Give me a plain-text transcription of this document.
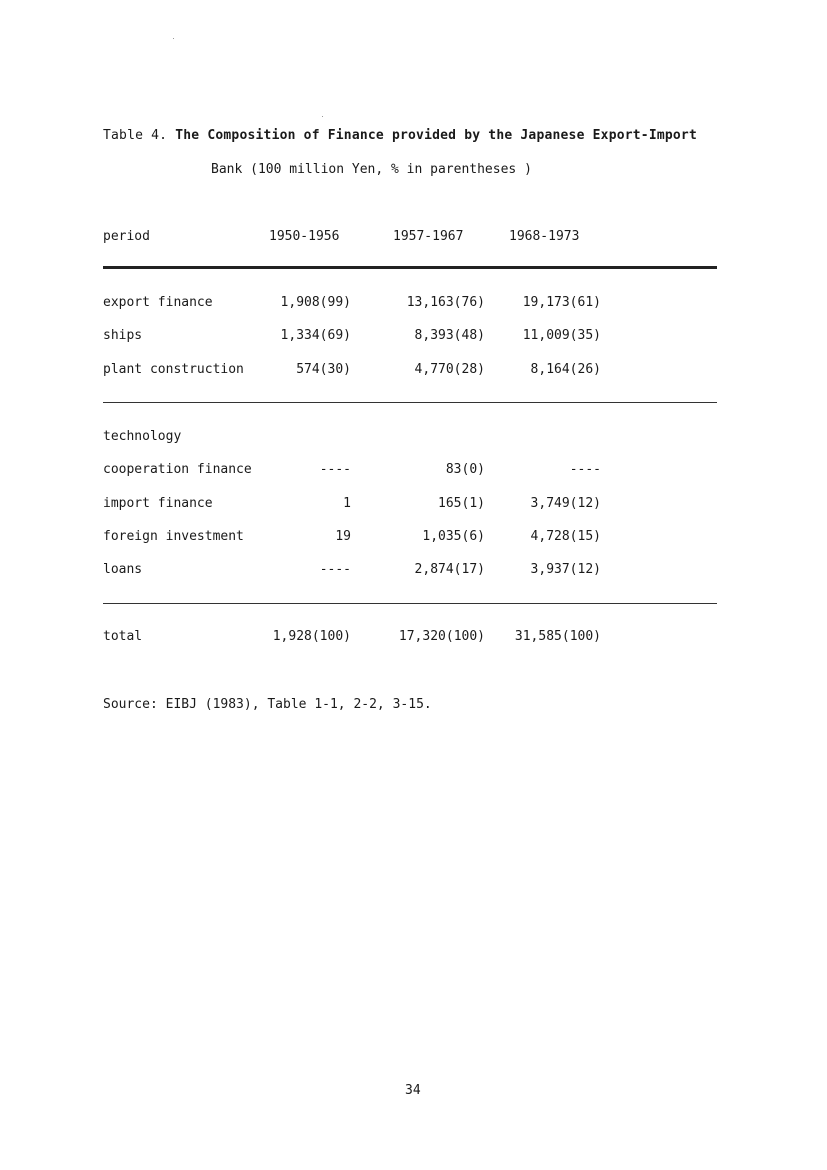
Table 4. The Composition of Finance provided by the Japanese Export-Import
Bank (100 million Yen, % in parentheses )
period	1950-1956	1957-1967	1968-1973
export finance	1,908(99)	13,163(76)	19,173(61)
ships	1,334(69)	8,393(48)	11,009(35)
plant construction	574(30)	4,770(28)	8,164(26)
technology
cooperation finance	----	83(0)	----
import finance	1	165(1)	3,749(12)
foreign investment	19	1,035(6)	4,728(15)
loans	----	2,874(17)	3,937(12)
total	1,928(100)	17,320(100) 31,585(100)
Source: EIBJ (1983), Table 1-1, 2-2, 3-15.
34
